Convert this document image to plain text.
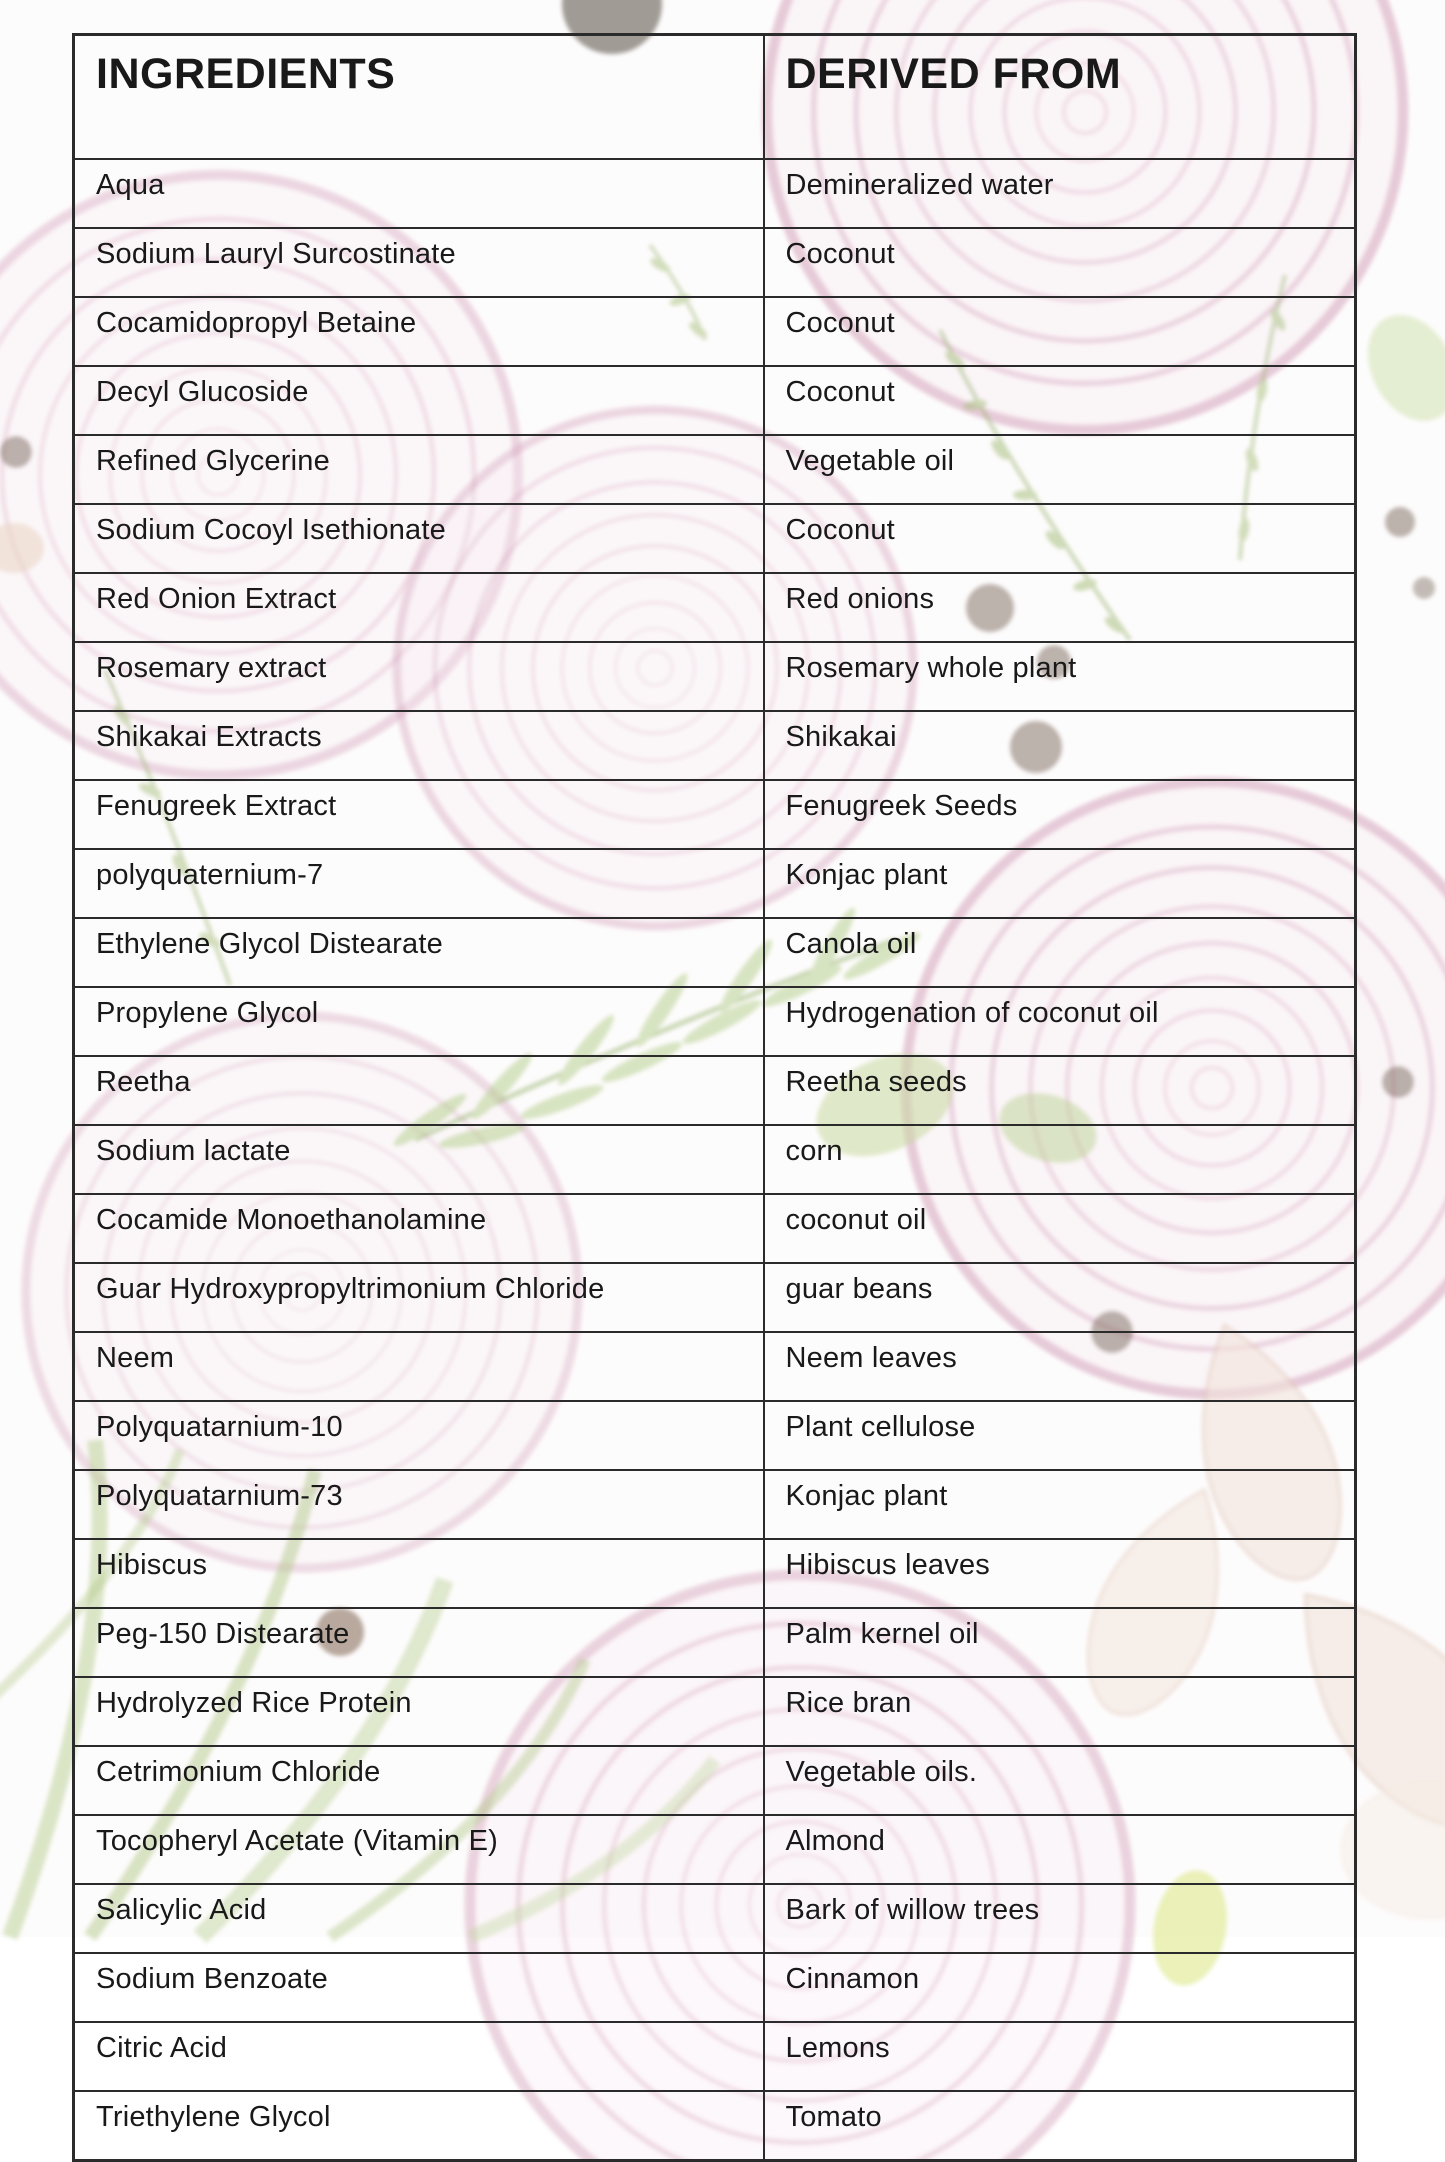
INGREDIENTS	DERIVED FROM
Aqua	Demineralized water
Sodium Lauryl Surcostinate	Coconut
Cocamidopropyl Betaine	Coconut
Decyl Glucoside	Coconut
Refined Glycerine	Vegetable oil
Sodium Cocoyl Isethionate	Coconut
Red Onion Extract	Red onions
Rosemary extract	Rosemary whole plant
Shikakai Extracts	Shikakai
Fenugreek Extract	Fenugreek Seeds
polyquaternium-7	Konjac plant
Ethylene Glycol Distearate	Canola oil
Propylene Glycol	Hydrogenation of coconut oil
Reetha	Reetha seeds
Sodium lactate	corn
Cocamide Monoethanolamine	coconut oil
Guar Hydroxypropyltrimonium Chloride	guar beans
Neem	Neem leaves
Polyquatarnium-10	Plant cellulose
Polyquatarnium-73	Konjac plant
Hibiscus	Hibiscus leaves
Peg-150 Distearate	Palm kernel oil
Hydrolyzed Rice Protein	Rice bran
Cetrimonium Chloride	Vegetable oils.
Tocopheryl Acetate (Vitamin E)	Almond
Salicylic Acid	Bark of willow trees
Sodium Benzoate	Cinnamon
Citric Acid	Lemons
Triethylene Glycol	Tomato
